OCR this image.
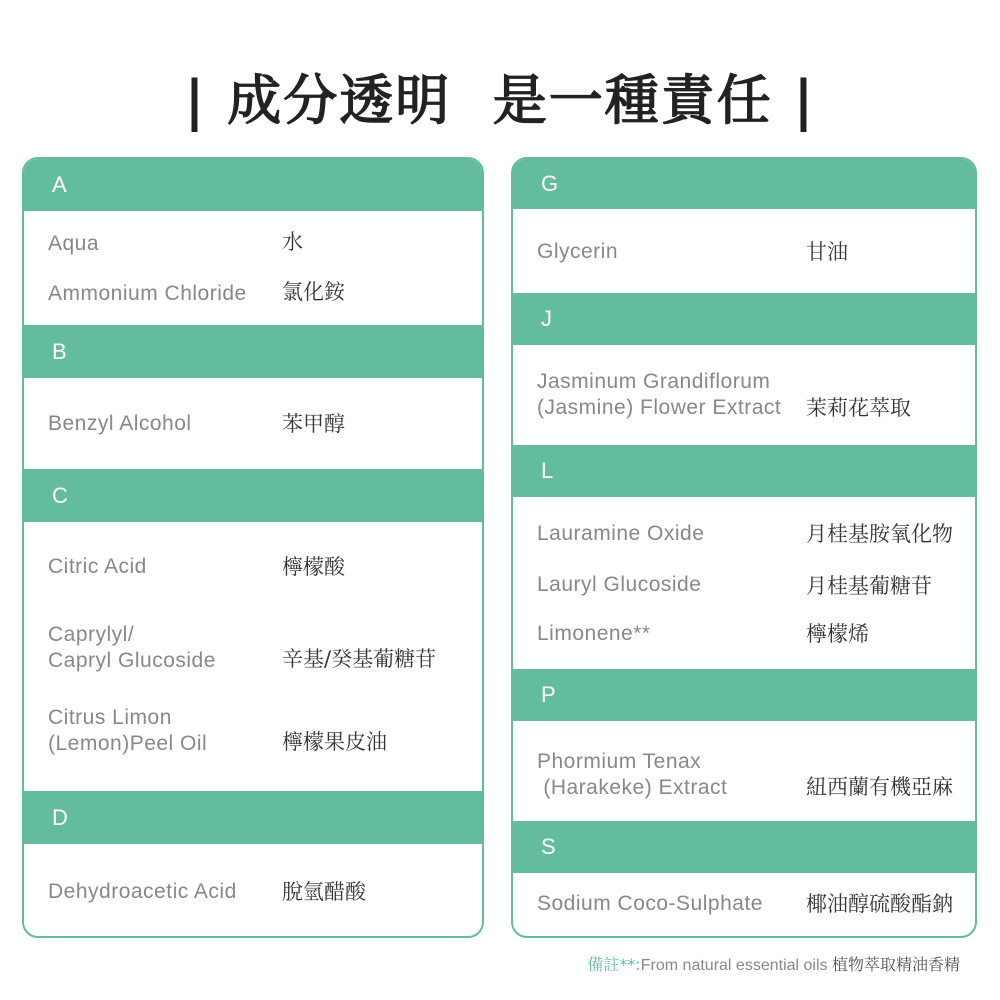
| 成分透明  是一種責任 |
A
Aqua	水
Ammonium Chloride 氯化銨
B
Benzyl Alcohol	苯甲醇
C
Citric Acid	檸檬酸
Caprylyl/
Capryl Glucoside	辛基/癸基葡糖苷
Citrus Limon
(Lemon)Peel Oil	檸檬果皮油
D
Dehydroacetic Acid 脫氫醋酸
G
Glycerin	甘油
J
Jasminum Grandiflorum
(Jasmine) Flower Extract 茉莉花萃取
L
Lauramine Oxide	月桂基胺氧化物
Lauryl Glucoside	月桂基葡糖苷
Limonene**	檸檬烯
P
Phormium Tenax
(Harakeke) Extract	紐西蘭有機亞麻
S
Sodium Coco-Sulphate 椰油醇硫酸酯鈉
備註**:From natural essential oils 植物萃取精油香精
